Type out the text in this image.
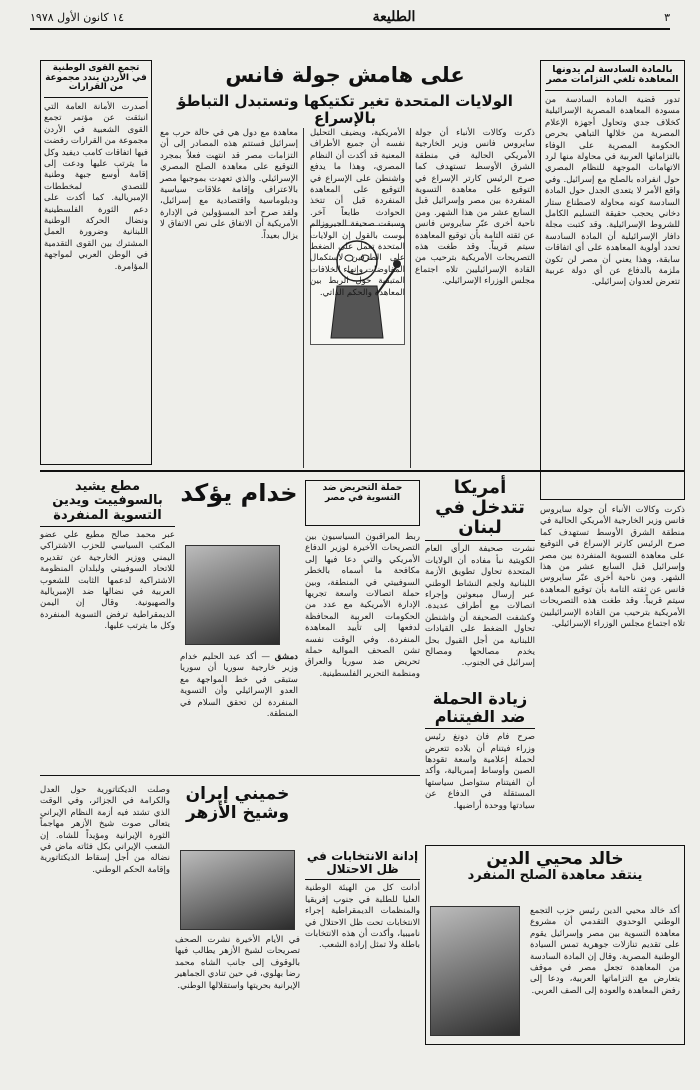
٣
الطليعة
١٤ كانون الأول ١٩٧٨
بالمادة السادسة لم يدونها المعاهدة تلغي التزامات مصر
تدور قضية المادة السادسة من مسودة المعاهدة المصرية الإسرائيلية كخلاف جدي وتحاول أجهزة الإعلام المصرية من خلالها التباهي بحرص الحكومة المصرية على الوفاء بالتزاماتها العربية في محاولة منها لرد الاتهامات الموجهة للنظام المصري حول انفراده بالصلح مع إسرائيل. وفي واقع الأمر لا يتعدى الجدل حول المادة السادسة كونه محاولة لاصطناع ستار دخاني يحجب حقيقة التسليم الكامل للشروط الإسرائيلية. وقد كتبت مجلة دافار الإسرائيلية أن المادة السادسة تحدد أولوية المعاهدة على أي اتفاقات سابقة، وهذا يعني أن مصر لن تكون ملزمة بالدفاع عن أي دولة عربية تتعرض لعدوان إسرائيلي.
على هامش جولة فانس
الولايات المتحدة تغير تكتيكها وتستبدل التباطؤ بالإسراع
ذكرت وكالات الأنباء أن جولة سايروس فانس وزير الخارجية الأمريكي الحالية في منطقة الشرق الأوسط تستهدف كما صرح الرئيس كارتر الإسراع في التوقيع على معاهدة التسوية المنفردة بين مصر وإسرائيل قبل السابع عشر من هذا الشهر. ومن ناحية أخرى عبّر سايروس فانس عن ثقته التامة بأن توقيع المعاهدة سيتم قريباً. وقد طغت هذه التصريحات الأمريكية بترحيب من القادة الإسرائيليين تلاه اجتماع مجلس الوزراء الإسرائيلي.
الأمريكية، ويضيف التحليل نفسه أن جميع الأطراف المعنية قد أكدت أن النظام المصري، وهذا ما يدفع واشنطن على الإسراع في التوقيع على المعاهدة المنفردة قبل أن تتخذ الحوادث طابعاً آخر. وسبقت صحيفة الجيروزالم بوست بالقول إن الولايات المتحدة تعمل على الضغط على الطرفين لاستكمال المفاوضات وإنهاء الخلافات المتبقية حول الربط بين المعاهدة والحكم الذاتي.
معاهدة مع دول هي في حالة حرب مع إسرائيل فستتم هذه المصادر إلى أن التزامات مصر قد انتهت فعلاً بمجرد التوقيع على معاهدة الصلح المصري الإسرائيلي. والذي تعهدت بموجبها مصر بالاعتراف وإقامة علاقات سياسية ودبلوماسية واقتصادية مع إسرائيل، ولقد صرح أحد المسؤولين في الإدارة الأمريكية أن الاتفاق على نص الاتفاق لا يزال بعيداً.
تجمع القوى الوطنية في الأردن يندد مجموعة من القرارات
أصدرت الأمانة العامة التي انبثقت عن مؤتمر تجمع القوى الشعبية في الأردن مجموعة من القرارات رفضت فيها اتفاقات كامب ديفيد وكل ما يترتب عليها ودعت إلى إقامة أوسع جبهة وطنية للتصدي لمخططات الإمبريالية. كما أكدت على دعم الثورة الفلسطينية ونضال الحركة الوطنية اللبنانية وضرورة العمل المشترك بين القوى التقدمية في الوطن العربي لمواجهة المؤامرة.
أمريكا تتدخل في لبنان
نشرت صحيفة الرأي العام الكويتية نبأ مفاده أن الولايات المتحدة تحاول تطويق الأزمة اللبنانية ولجم النشاط الوطني عبر إرسال مبعوثين وإجراء اتصالات مع أطراف عديدة. وكشفت الصحيفة أن واشنطن تحاول الضغط على القيادات اللبنانية من أجل القبول بحل يخدم مصالحها ومصالح إسرائيل في الجنوب.
زيادة الحملة ضد الفيتنام
صرح فام فان دونغ رئيس وزراء فيتنام أن بلاده تتعرض لحملة إعلامية واسعة تقودها الصين وأوساط إمبريالية، وأكد أن الفيتنام ستواصل سياستها المستقلة في الدفاع عن سيادتها ووحدة أراضيها.
حملة التحريض ضد التسوية في مصر
ربط المراقبون السياسيون بين التصريحات الأخيرة لوزير الدفاع الأمريكي والتي دعا فيها إلى مكافحة ما أسماه بالخطر السوفييتي في المنطقة، وبين حملة اتصالات واسعة تجريها الإدارة الأمريكية مع عدد من الحكومات العربية المحافظة لدفعها إلى تأييد المعاهدة المنفردة. وفي الوقت نفسه تشن الصحف الموالية حملة تحريض ضد سوريا والعراق ومنظمة التحرير الفلسطينية.
خدام يؤكد
دمشق — أكد عبد الحليم خدام وزير خارجية سوريا أن سوريا ستبقى في خط المواجهة مع العدو الإسرائيلي وأن التسوية المنفردة لن تحقق السلام في المنطقة.
مطع يشيد بالسوفييت ويدين التسوية المنفردة
عبر محمد صالح مطيع علي عضو المكتب السياسي للحزب الاشتراكي اليمني ووزير الخارجية عن تقديره للاتحاد السوفييتي ولبلدان المنظومة الاشتراكية لدعمها الثابت للشعوب العربية في نضالها ضد الإمبريالية والصهيونية. وقال إن اليمن الديمقراطية ترفض التسوية المنفردة وكل ما يترتب عليها.
وصلت الديكتاتورية حول العدل والكرامة في الجزائر، وفي الوقت الذي تشتد فيه أزمة النظام الإيراني يتعالى صوت شيخ الأزهر مهاجماً الثورة الإيرانية ومؤيداً للشاه. إن الشعب الإيراني بكل فئاته ماض في نضاله من أجل إسقاط الديكتاتورية وإقامة الحكم الوطني.
خميني إيران وشيخ الأزهر
في الأيام الأخيرة نشرت الصحف تصريحات لشيخ الأزهر يطالب فيها بالوقوف إلى جانب الشاه محمد رضا بهلوي، في حين تنادي الجماهير الإيرانية بحريتها واستقلالها الوطني.
إدانة الانتخابات في ظل الاحتلال
أدانت كل من الهيئة الوطنية العليا للطلبة في جنوب إفريقيا والمنظمات الديمقراطية إجراء الانتخابات تحت ظل الاحتلال في ناميبيا، وأكدت أن هذه الانتخابات باطلة ولا تمثل إرادة الشعب.
خالد محيي الدين
ينتقد معاهدة الصلح المنفرد
أكد خالد محيي الدين رئيس حزب التجمع الوطني الوحدوي التقدمي أن مشروع معاهدة التسوية بين مصر وإسرائيل يقوم على تقديم تنازلات جوهرية تمس السيادة الوطنية المصرية. وقال إن المادة السادسة من المعاهدة تجعل مصر في موقف يتعارض مع التزاماتها العربية، ودعا إلى رفض المعاهدة والعودة إلى الصف العربي.
ذكرت وكالات الأنباء أن جولة سايروس فانس وزير الخارجية الأمريكي الحالية في منطقة الشرق الأوسط تستهدف كما صرح الرئيس كارتر الإسراع في التوقيع على معاهدة التسوية المنفردة بين مصر وإسرائيل قبل السابع عشر من هذا الشهر. ومن ناحية أخرى عبّر سايروس فانس عن ثقته التامة بأن توقيع المعاهدة سيتم قريباً. وقد طغت هذه التصريحات الأمريكية بترحيب من القادة الإسرائيليين تلاه اجتماع مجلس الوزراء الإسرائيلي.
